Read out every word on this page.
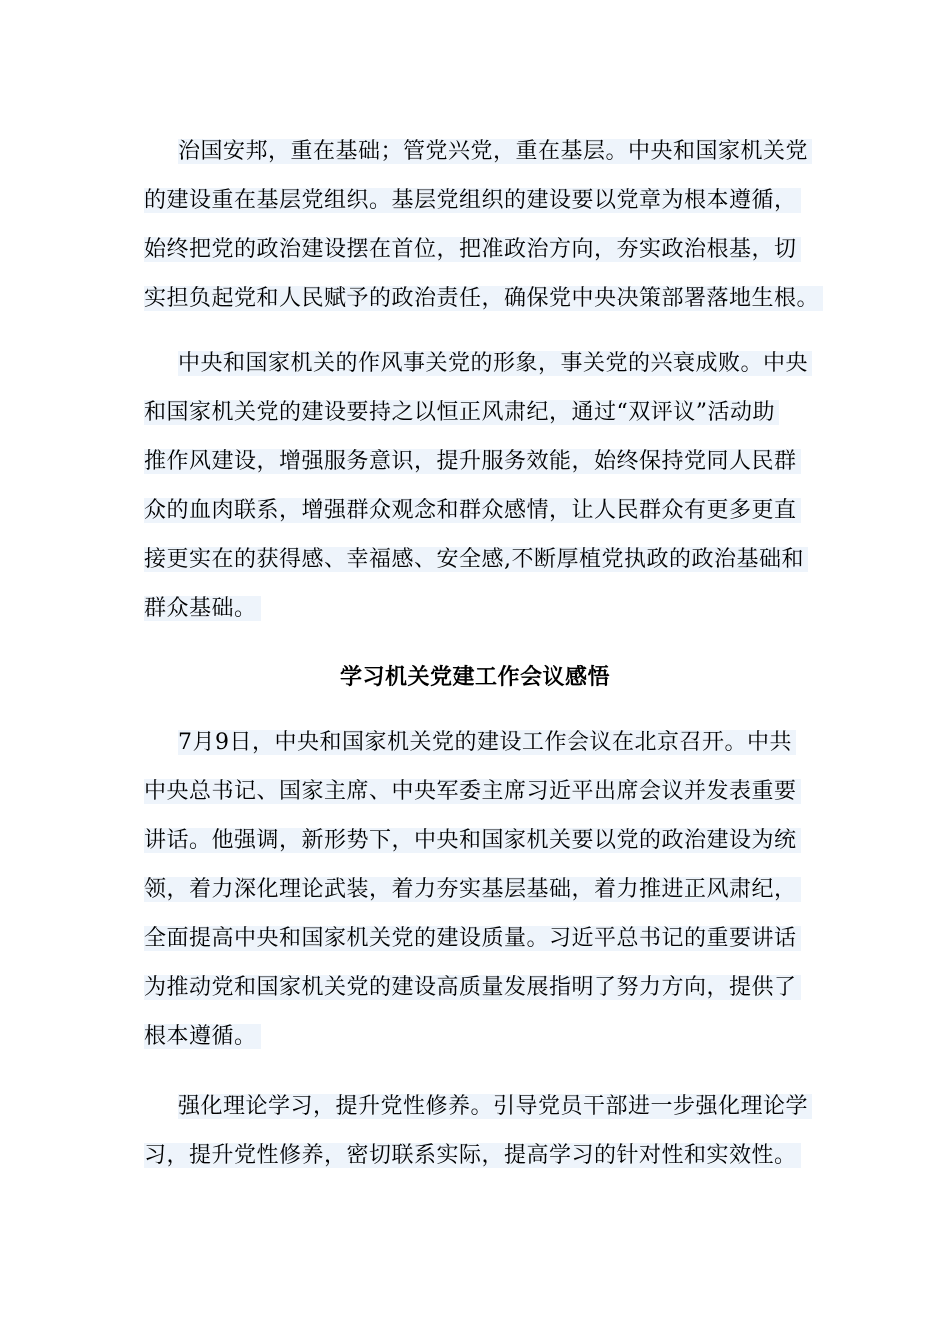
治国安邦，重在基础；管党兴党，重在基层。中央和国家机关党
的建设重在基层党组织。基层党组织的建设要以党章为根本遵循，
始终把党的政治建设摆在首位，把准政治方向，夯实政治根基，切
实担负起党和人民赋予的政治责任，确保党中央决策部署落地生根。
中央和国家机关的作风事关党的形象，事关党的兴衰成败。中央
和国家机关党的建设要持之以恒正风肃纪，通过“双评议”活动助
推作风建设，增强服务意识，提升服务效能，始终保持党同人民群
众的血肉联系，增强群众观念和群众感情，让人民群众有更多更直
接更实在的获得感、幸福感、安全感,不断厚植党执政的政治基础和
群众基础。
学习机关党建工作会议感悟
7月9日，中央和国家机关党的建设工作会议在北京召开。中共
中央总书记、国家主席、中央军委主席习近平出席会议并发表重要
讲话。他强调，新形势下，中央和国家机关要以党的政治建设为统
领，着力深化理论武装，着力夯实基层基础，着力推进正风肃纪，
全面提高中央和国家机关党的建设质量。习近平总书记的重要讲话
为推动党和国家机关党的建设高质量发展指明了努力方向，提供了
根本遵循。
强化理论学习，提升党性修养。引导党员干部进一步强化理论学
习，提升党性修养，密切联系实际，提高学习的针对性和实效性。
